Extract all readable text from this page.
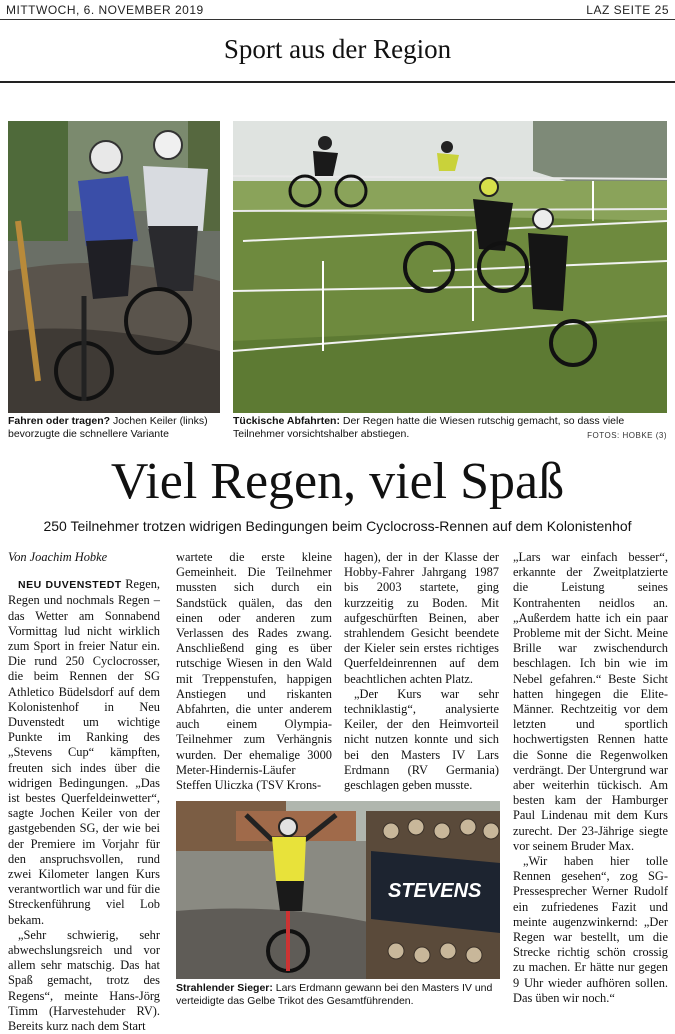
MITTWOCH, 6. NOVEMBER 2019	LAZ SEITE 25
Sport aus der Region
Fahren oder tragen? Jochen Keiler (links) bevorzugte die schnellere Variante
Tückische Abfahrten: Der Regen hatte die Wiesen rutschig gemacht, so dass viele Teilnehmer vorsichtshalber abstiegen.	FOTOS: HOBKE (3)
Viel Regen, viel Spaß
250 Teilnehmer trotzen widrigen Bedingungen beim Cyclocross-Rennen auf dem Kolonistenhof

Von Joachim Hobke

NEU DUVENSTEDT Regen, Regen und nochmals Regen – das Wetter am Sonnabend Vormittag lud nicht wirklich zum Sport in freier Natur ein. Die rund 250 Cyclocrosser, die beim Rennen der SG Athletico Büdelsdorf auf dem Kolonistenhof in Neu Duvenstedt um wichtige Punkte im Ranking des „Stevens Cup“ kämpften, freuten sich indes über die widrigen Bedingungen. „Das ist bestes Querfeldeinwetter“, sagte Jochen Keiler von der gastgebenden SG, der wie bei der Premiere im Vorjahr für den anspruchsvollen, rund zwei Kilometer langen Kurs verantwortlich war und für die Streckenführung viel Lob bekam.

„Sehr schwierig, sehr abwechslungsreich und vor allem sehr matschig. Das hat Spaß gemacht, trotz des Regens“, meinte Hans-Jörg Timm (Harvestehuder RV). Bereits kurz nach dem Start

wartete die erste kleine Gemeinheit. Die Teilnehmer mussten sich durch ein Sandstück quälen, das den einen oder anderen zum Verlassen des Rades zwang. Anschließend ging es über rutschige Wiesen in den Wald mit Treppenstufen, happigen Anstiegen und riskanten Abfahrten, die unter anderem auch einem Olympia-Teilnehmer zum Verhängnis wurden. Der ehemalige 3000 Meter-Hindernis-Läufer Steffen Uliczka (TSV Krons-

hagen), der in der Klasse der Hobby-Fahrer Jahrgang 1987 bis 2003 startete, ging kurzzeitig zu Boden. Mit aufgeschürften Beinen, aber strahlendem Gesicht beendete der Kieler sein erstes richtiges Querfeldeinrennen auf dem beachtlichen achten Platz.

„Der Kurs war sehr techniklastig“, analysierte Keiler, der den Heimvorteil nicht nutzen konnte und sich bei den Masters IV Lars Erdmann (RV Germania) geschlagen geben musste.

STEVENS
Strahlender Sieger: Lars Erdmann gewann bei den Masters IV und verteidigte das Gelbe Trikot des Gesamtführenden.

„Lars war einfach besser“, erkannte der Zweitplatzierte die Leistung seines Kontrahenten neidlos an. „Außerdem hatte ich ein paar Probleme mit der Sicht. Meine Brille war zwischendurch beschlagen. Ich bin wie im Nebel gefahren.“ Beste Sicht hatten hingegen die Elite-Männer. Rechtzeitig vor dem letzten und sportlich hochwertigsten Rennen hatte die Sonne die Regenwolken verdrängt. Der Untergrund war aber weiterhin tückisch. Am besten kam der Hamburger Paul Lindenau mit dem Kurs zurecht. Der 23-Jährige siegte vor seinem Bruder Max.

„Wir haben hier tolle Rennen gesehen“, zog SG-Pressesprecher Werner Rudolf ein zufriedenes Fazit und meinte augenzwinkernd: „Der Regen war bestellt, um die Strecke richtig schön crossig zu machen. Er hätte nur gegen 9 Uhr wieder aufhören sollen. Das üben wir noch.“
